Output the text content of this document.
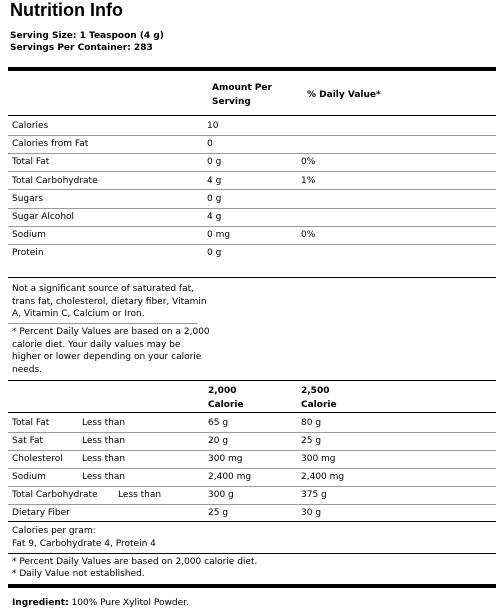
Nutrition Info
Serving Size: 1 Teaspoon (4 g)
Servings Per Container: 283
Amount Per
Serving
% Daily Value*
Calories	10
Calories from Fat	0
Total Fat	0 g	0%
Total Carbohydrate	4 g	1%
Sugars	0 g
Sugar Alcohol	4 g
Sodium	0 mg	0%
Protein	0 g
Not a significant source of saturated fat, trans fat, cholesterol, dietary fiber, Vitamin A, Vitamin C, Calcium or Iron.
* Percent Daily Values are based on a 2,000 calorie diet. Your daily values may be higher or lower depending on your calorie needs.
2,000
Calorie
2,500
Calorie
Total Fat	Less than	65 g	80 g
Sat Fat	Less than	20 g	25 g
Cholesterol Less than	300 mg	300 mg
Sodium	Less than	2,400 mg	2,400 mg
Total Carbohydrate Less than	300 g	375 g
Dietary Fiber	25 g	30 g
Calories per gram:
Fat 9, Carbohydrate 4, Protein 4
* Percent Daily Values are based on 2,000 calorie diet.
* Daily Value not established.
Ingredient: 100% Pure Xylitol Powder.
